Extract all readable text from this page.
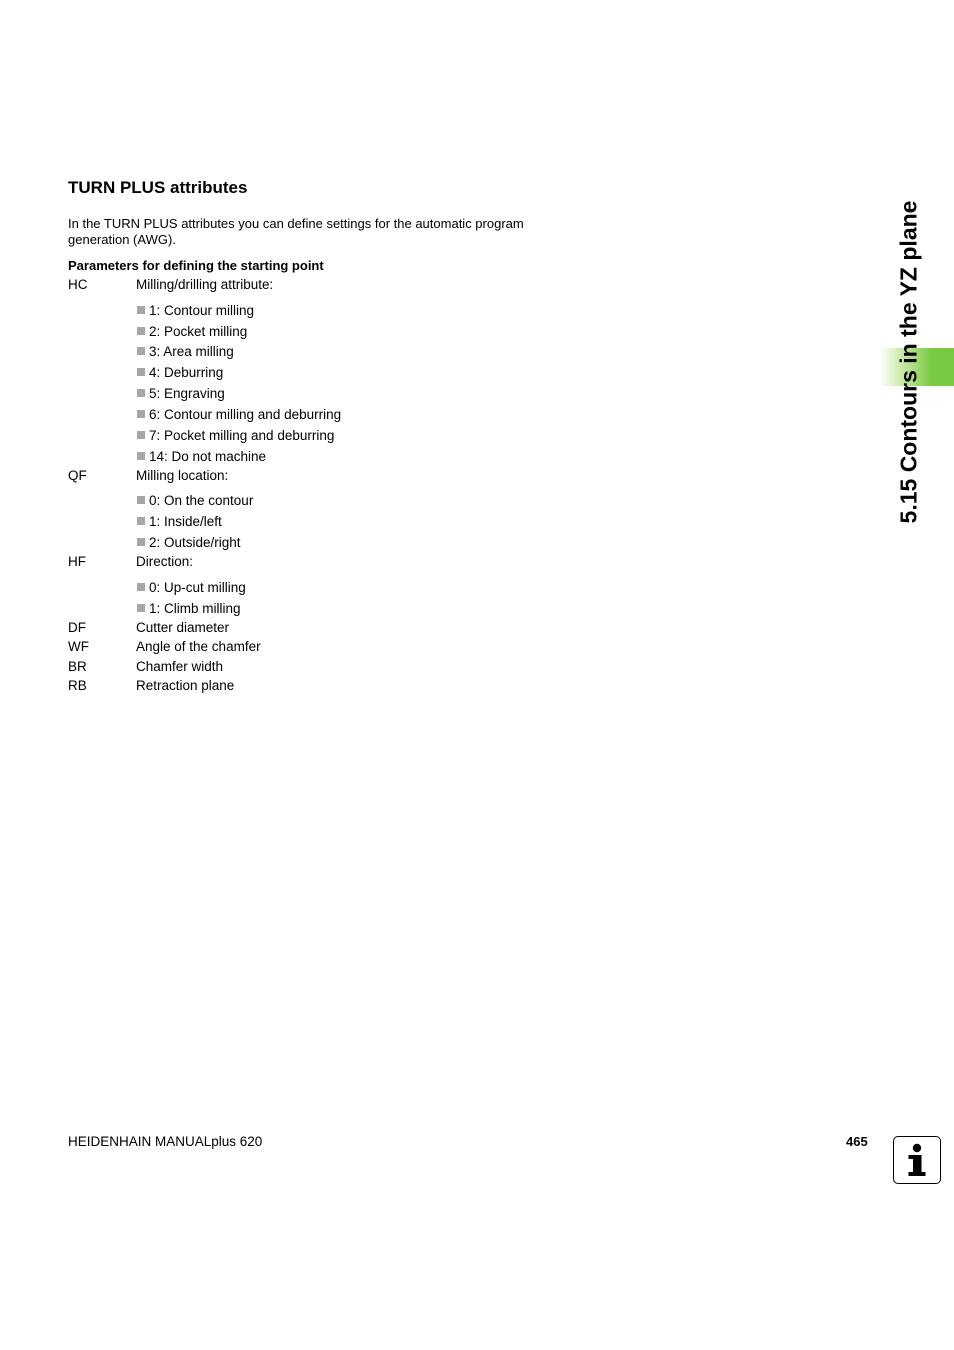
TURN PLUS attributes

In the TURN PLUS attributes you can define settings for the automatic program generation (AWG).

Parameters for defining the starting point
HC	Milling/drilling attribute:
1: Contour milling
2: Pocket milling
3: Area milling
4: Deburring
5: Engraving
6: Contour milling and deburring
7: Pocket milling and deburring
14: Do not machine
QF	Milling location:
0: On the contour
1: Inside/left
2: Outside/right
HF	Direction:
0: Up-cut milling
1: Climb milling
DF	Cutter diameter
WF	Angle of the chamfer
BR	Chamfer width
RB	Retraction plane
5.15 Contours in the YZ plane
HEIDENHAIN MANUALplus 620	465
